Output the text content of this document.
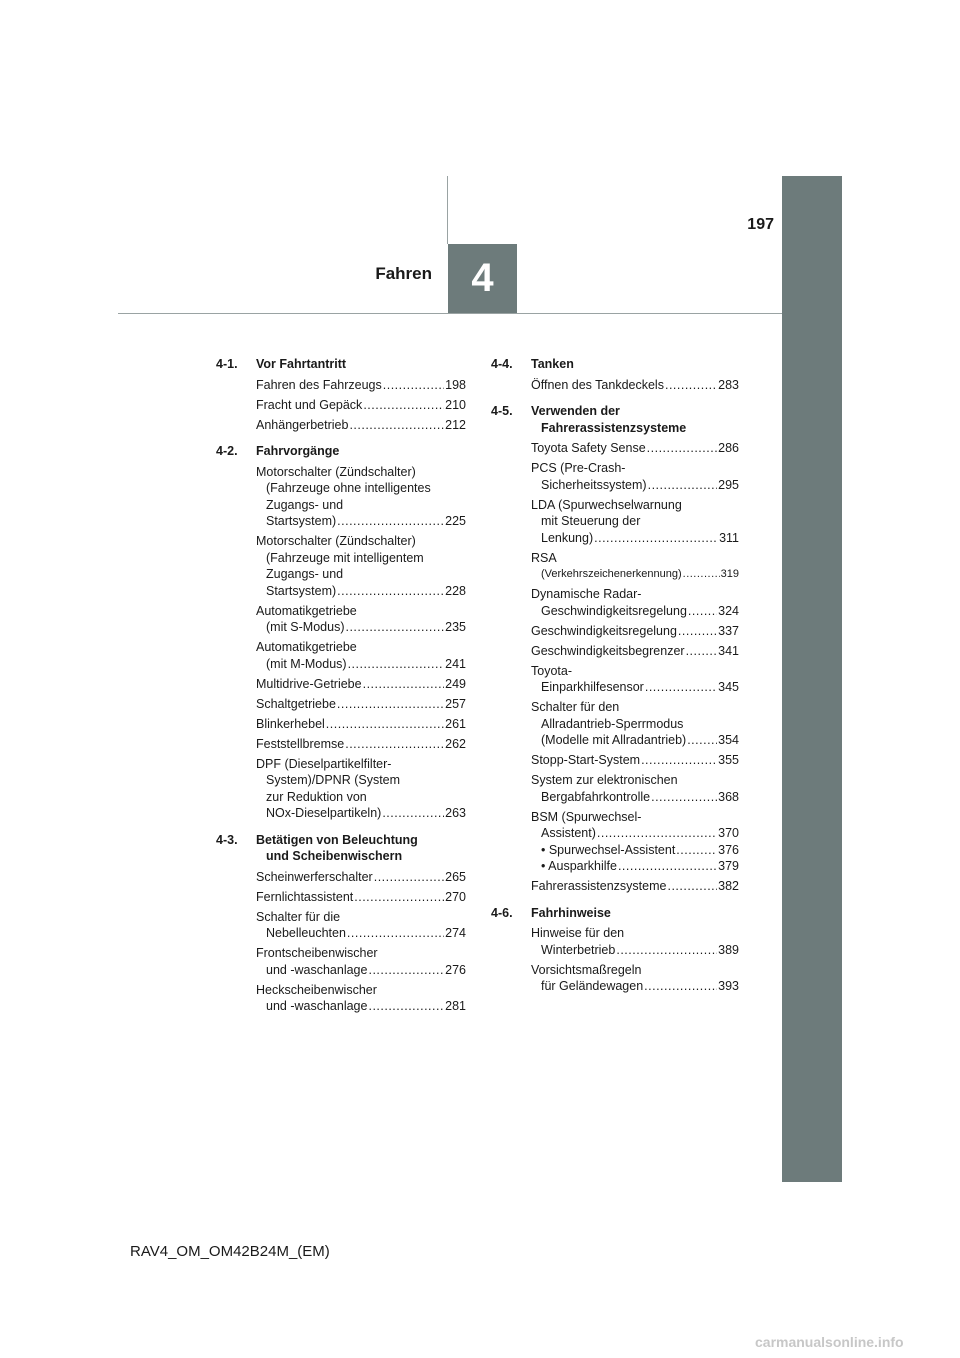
197
Fahren 4
4-1.	Vor Fahrtantritt
Fahren des Fahrzeugs .....	198
Fracht und Gepäck .....	210
Anhängerbetrieb .....	212
4-2.	Fahrvorgänge
Motorschalter (Zündschalter)
(Fahrzeuge ohne intelligentes
Zugangs- und
Startsystem) .....	225
Motorschalter (Zündschalter)
(Fahrzeuge mit intelligentem
Zugangs- und
Startsystem) .....	228
Automatikgetriebe
(mit S-Modus) .....	235
Automatikgetriebe
(mit M-Modus) .....	241
Multidrive-Getriebe .....	249
Schaltgetriebe .....	257
Blinkerhebel .....	261
Feststellbremse .....	262
DPF (Dieselpartikelfilter-
System)/DPNR (System
zur Reduktion von
NOx-Dieselpartikeln) .....	263
4-3.	Betätigen von Beleuchtung
und Scheibenwischern
Scheinwerferschalter .....	265
Fernlichtassistent .....	270
Schalter für die
Nebelleuchten .....	274
Frontscheibenwischer
und -waschanlage .....	276
Heckscheibenwischer
und -waschanlage .....	281
4-4.	Tanken
Öffnen des Tankdeckels .....	283
4-5.	Verwenden der
Fahrerassistenzsysteme
Toyota Safety Sense .....	286
PCS (Pre-Crash-
Sicherheitssystem) .....	295
LDA (Spurwechselwarnung
mit Steuerung der
Lenkung) .....	311
RSA
(Verkehrszeichenerkennung) .....	319
Dynamische Radar-
Geschwindigkeitsregelung ..... 324
Geschwindigkeitsregelung .....	337
Geschwindigkeitsbegrenzer .....	341
Toyota-
Einparkhilfesensor .....	345
Schalter für den
Allradantrieb-Sperrmodus
(Modelle mit Allradantrieb) .....	354
Stopp-Start-System .....	355
System zur elektronischen
Bergabfahrkontrolle .....	368
BSM (Spurwechsel-
Assistent) .....	370
• Spurwechsel-Assistent .....	376
• Ausparkhilfe .....	379
Fahrerassistenzsysteme .....	382
4-6.	Fahrhinweise
Hinweise für den
Winterbetrieb .....	389
Vorsichtsmaßregeln
für Geländewagen .....	393
RAV4_OM_OM42B24M_(EM)
carmanualsonline.info
